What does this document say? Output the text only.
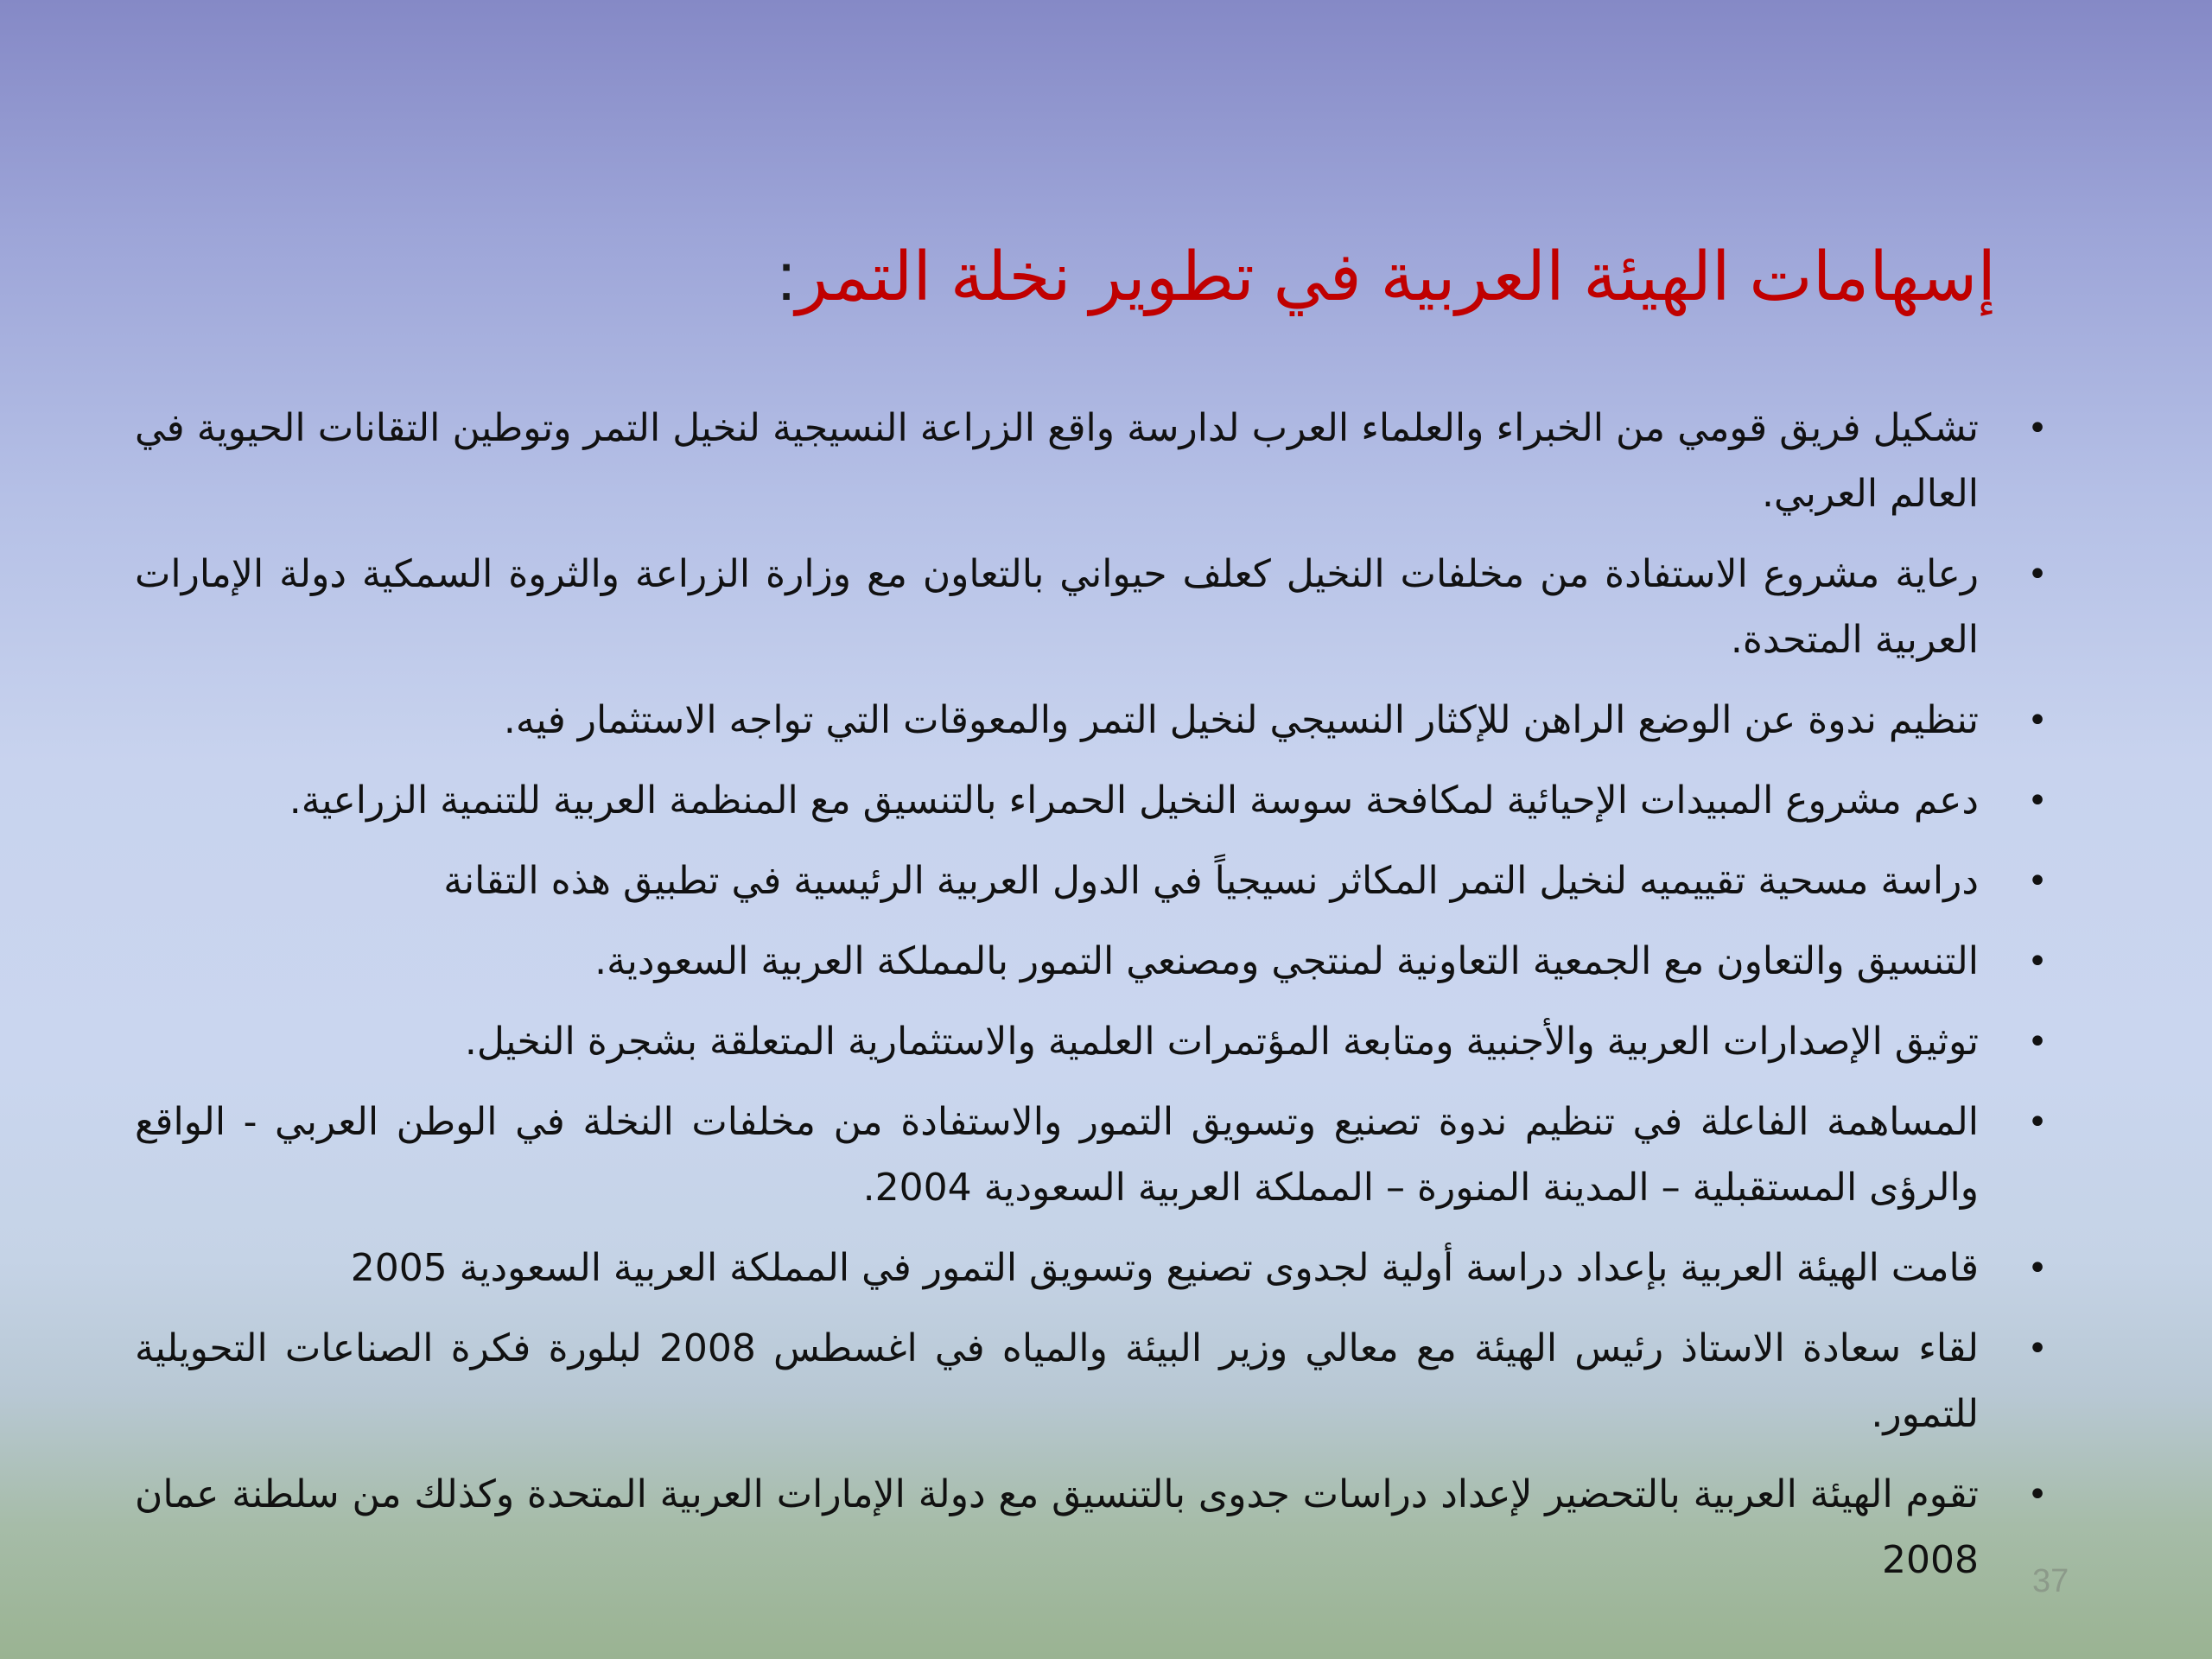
إسهامات الهيئة العربية في تطوير نخلة التمر:
• تشكيل فريق قومي من الخبراء والعلماء العرب لدارسة واقع الزراعة النسيجية لنخيل التمر وتوطين التقانات الحيوية في العالم العربي.
• رعاية مشروع الاستفادة من مخلفات النخيل كعلف حيواني بالتعاون مع وزارة الزراعة والثروة السمكية دولة الإمارات العربية المتحدة.
• تنظيم ندوة عن الوضع الراهن للإكثار النسيجي لنخيل التمر والمعوقات التي تواجه الاستثمار فيه.
• دعم مشروع المبيدات الإحيائية لمكافحة سوسة النخيل الحمراء بالتنسيق مع المنظمة العربية للتنمية الزراعية.
• دراسة مسحية تقييميه لنخيل التمر المكاثر نسيجياً في الدول العربية الرئيسية في تطبيق هذه التقانة
• التنسيق والتعاون مع الجمعية التعاونية لمنتجي ومصنعي التمور بالمملكة العربية السعودية.
• توثيق الإصدارات العربية والأجنبية ومتابعة المؤتمرات العلمية والاستثمارية المتعلقة بشجرة النخيل.
• المساهمة الفاعلة في تنظيم ندوة تصنيع وتسويق التمور والاستفادة من مخلفات النخلة في الوطن العربي - الواقع والرؤى المستقبلية – المدينة المنورة – المملكة العربية السعودية 2004.
• قامت الهيئة العربية بإعداد دراسة أولية لجدوى تصنيع وتسويق التمور في المملكة العربية السعودية 2005
• لقاء سعادة الاستاذ رئيس الهيئة مع معالي وزير البيئة والمياه في اغسطس 2008 لبلورة فكرة الصناعات التحويلية للتمور.
• تقوم الهيئة العربية بالتحضير لإعداد دراسات جدوى بالتنسيق مع دولة الإمارات العربية المتحدة وكذلك من سلطنة عمان 2008	37
